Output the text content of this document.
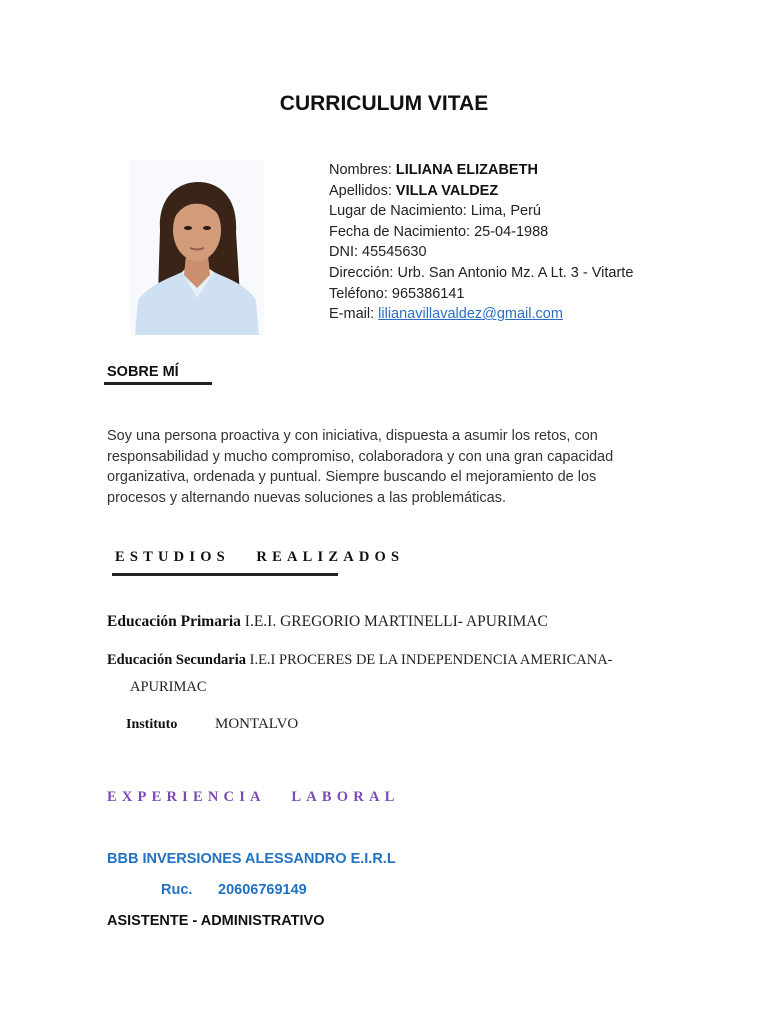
CURRICULUM VITAE
Nombres: LILIANA ELIZABETH
Apellidos: VILLA VALDEZ
Lugar de Nacimiento: Lima, Perú
Fecha de Nacimiento: 25-04-1988
DNI: 45545630
Dirección: Urb. San Antonio Mz. A Lt. 3 - Vitarte
Teléfono: 965386141
E-mail: lilianavillavaldez@gmail.com
SOBRE MÍ
Soy una persona proactiva y con iniciativa, dispuesta a asumir los retos, con responsabilidad y mucho compromiso, colaboradora y con una gran capacidad organizativa, ordenada y puntual. Siempre buscando el mejoramiento de los procesos y alternando nuevas soluciones a las problemáticas.
ESTUDIOS   REALIZADOS
Educación Primaria I.E.I. GREGORIO MARTINELLI- APURIMAC
Educación Secundaria I.E.I PROCERES DE LA INDEPENDENCIA AMERICANA-
APURIMAC
Instituto	MONTALVO
EXPERIENCIA   LABORAL
BBB INVERSIONES ALESSANDRO E.I.R.L
Ruc. 20606769149
ASISTENTE - ADMINISTRATIVO
